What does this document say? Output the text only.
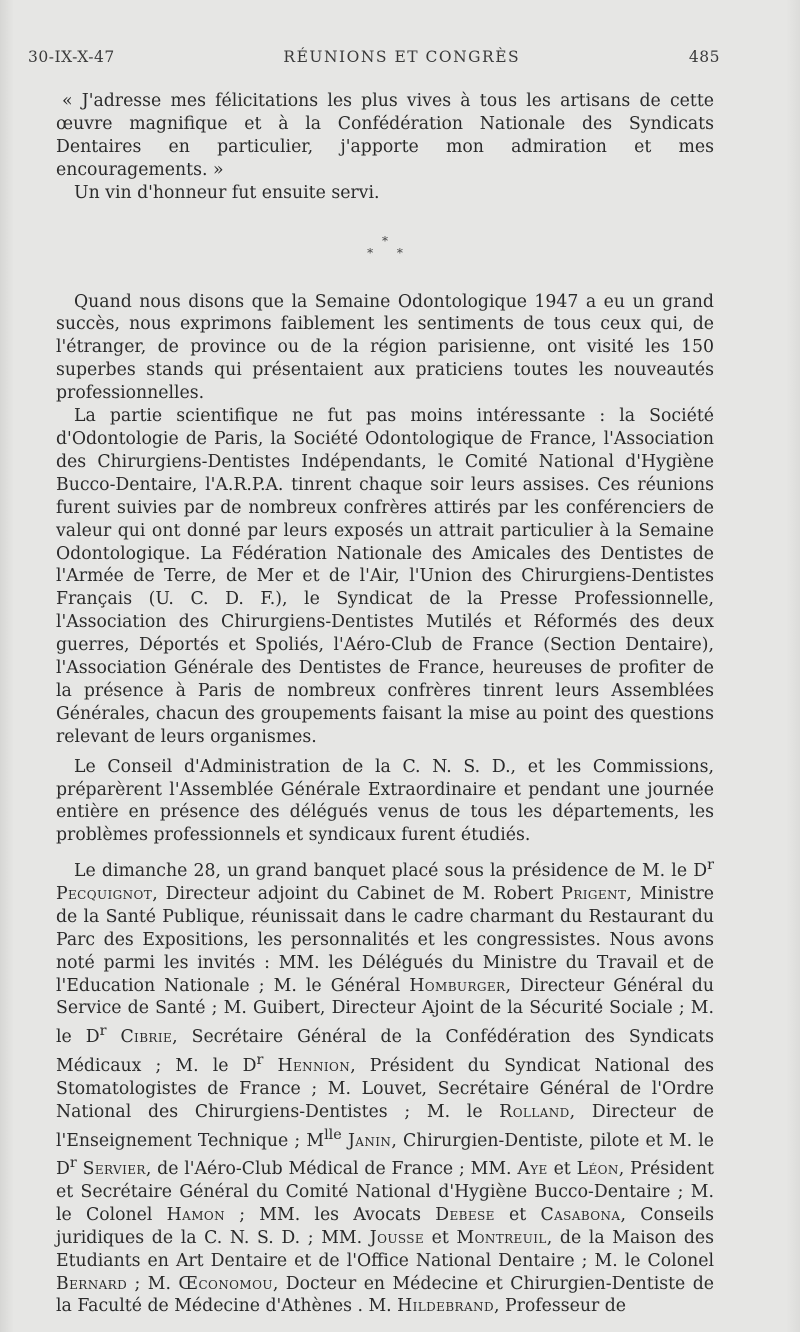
30-IX-X-47	RÉUNIONS ET CONGRÈS	485

« J'adresse mes félicitations les plus vives à tous les artisans de cette œuvre magnifique et à la Confédération Nationale des Syndicats Dentaires en particulier, j'apporte mon admiration et mes encouragements. »

Un vin d'honneur fut ensuite servi.

*
* *

Quand nous disons que la Semaine Odontologique 1947 a eu un grand succès, nous exprimons faiblement les sentiments de tous ceux qui, de l'étranger, de province ou de la région parisienne, ont visité les 150 superbes stands qui présentaient aux praticiens toutes les nouveautés professionnelles.

La partie scientifique ne fut pas moins intéressante : la Société d'Odontologie de Paris, la Société Odontologique de France, l'Association des Chirurgiens-Dentistes Indépendants, le Comité National d'Hygiène Bucco-Dentaire, l'A.R.P.A. tinrent chaque soir leurs assises. Ces réunions furent suivies par de nombreux confrères attirés par les conférenciers de valeur qui ont donné par leurs exposés un attrait particulier à la Semaine Odontologique. La Fédération Nationale des Amicales des Dentistes de l'Armée de Terre, de Mer et de l'Air, l'Union des Chirurgiens-Dentistes Français (U. C. D. F.), le Syndicat de la Presse Professionnelle, l'Association des Chirurgiens-Dentistes Mutilés et Réformés des deux guerres, Déportés et Spoliés, l'Aéro-Club de France (Section Dentaire), l'Association Générale des Dentistes de France, heureuses de profiter de la présence à Paris de nombreux confrères tinrent leurs Assemblées Générales, chacun des groupements faisant la mise au point des questions relevant de leurs organismes.

Le Conseil d'Administration de la C. N. S. D., et les Commissions, préparèrent l'Assemblée Générale Extraordinaire et pendant une journée entière en présence des délégués venus de tous les départements, les problèmes professionnels et syndicaux furent étudiés.

Le dimanche 28, un grand banquet placé sous la présidence de M. le $D^r$ Pecquignot, Directeur adjoint du Cabinet de M. Robert Prigent, Ministre de la Santé Publique, réunissait dans le cadre charmant du Restaurant du Parc des Expositions, les personnalités et les congressistes. Nous avons noté parmi les invités : MM. les Délégués du Ministre du Travail et de l'Education Nationale ; M. le Général Homburger, Directeur Général du Service de Santé ; M. Guibert, Directeur Ajoint de la Sécurité Sociale ; M. le $D^r$ Cibrie, Secrétaire Général de la Confédération des Syndicats Médicaux ; M. le $D^r$ Hennion, Président du Syndicat National des Stomatologistes de France ; M. Louvet, Secrétaire Général de l'Ordre National des Chirurgiens-Dentistes ; M. le Rolland, Directeur de l'Enseignement Technique ; $M^{lle}$ Janin, Chirurgien-Dentiste, pilote et M. le $D^r$ Servier, de l'Aéro-Club Médical de France ; MM. Aye et Léon, Président et Secrétaire Général du Comité National d'Hygiène Bucco-Dentaire ; M. le Colonel Hamon ; MM. les Avocats Debese et Casabona, Conseils juridiques de la C. N. S. D. ; MM. Jousse et Montreuil, de la Maison des Etudiants en Art Dentaire et de l'Office National Dentaire ; M. le Colonel Bernard ; M. Œconomou, Docteur en Médecine et Chirurgien-Dentiste de la Faculté de Médecine d'Athènes . M. Hildebrand, Professeur de
